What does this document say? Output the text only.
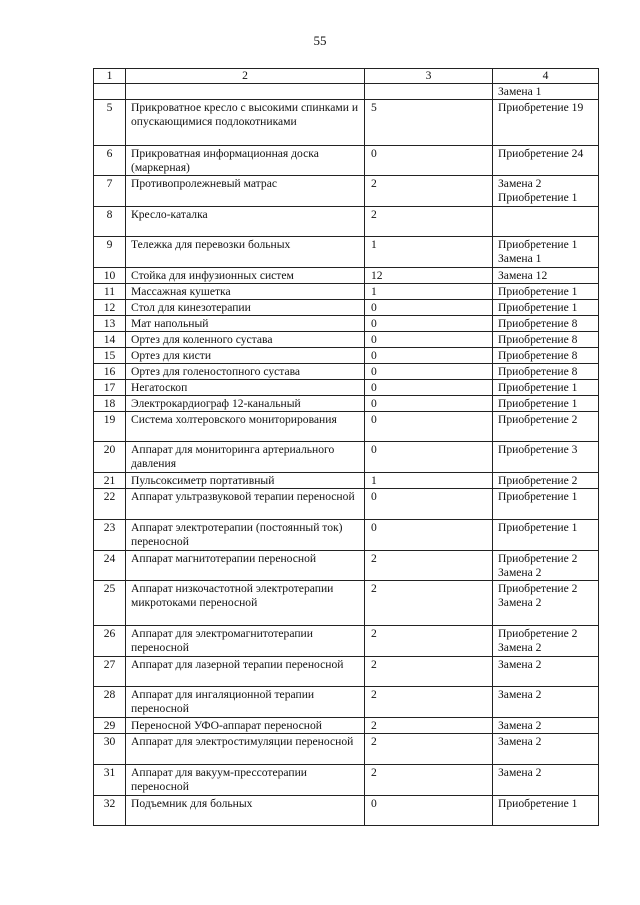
55
1	2	3	4

			Замена 1

5	Прикроватное кресло с высокими спинками и опускающимися подлокотниками	5	Приобретение 19

6	Прикроватная информационная доска (маркерная)	0	Приобретение 24

7	Противопролежневый матрас	2	Замена 2
Приобретение 1

8	Кресло-каталка	2	

9	Тележка для перевозки больных	1	Приобретение 1
Замена 1

10	Стойка для инфузионных систем	12	Замена 12

11	Массажная кушетка	1	Приобретение 1

12	Стол для кинезотерапии	0	Приобретение 1

13	Мат напольный	0	Приобретение 8

14	Ортез для коленного сустава	0	Приобретение 8

15	Ортез для кисти	0	Приобретение 8

16	Ортез для голеностопного сустава	0	Приобретение 8

17	Негатоскоп	0	Приобретение 1

18	Электрокардиограф 12-канальный	0	Приобретение 1

19	Система холтеровского мониторирования	0	Приобретение 2

20	Аппарат для мониторинга артериального давления	0	Приобретение 3

21	Пульсоксиметр портативный	1	Приобретение 2

22	Аппарат ультразвуковой терапии переносной	0	Приобретение 1

23	Аппарат электротерапии (постоянный ток) переносной	0	Приобретение 1

24	Аппарат магнитотерапии переносной	2	Приобретение 2
Замена 2

25	Аппарат низкочастотной электротерапии микротоками переносной	2	Приобретение 2
Замена 2

26	Аппарат для электромагнитотерапии переносной	2	Приобретение 2
Замена 2

27	Аппарат для лазерной терапии переносной	2	Замена 2

28	Аппарат для ингаляционной терапии переносной	2	Замена 2

29	Переносной УФО-аппарат переносной	2	Замена 2

30	Аппарат для электростимуляции переносной	2	Замена 2

31	Аппарат для вакуум-прессотерапии переносной	2	Замена 2

32	Подъемник для больных	0	Приобретение 1
